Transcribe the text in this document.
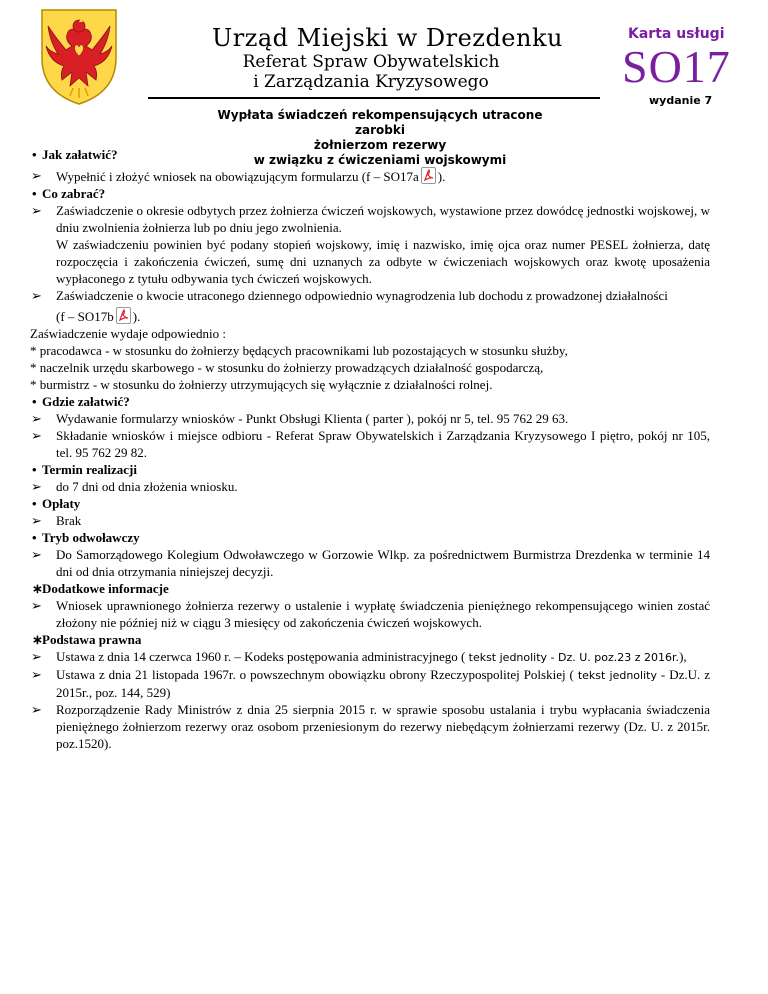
Urząd Miejski w Drezdenku
Referat Spraw Obywatelskich
i Zarządzania Kryzysowego
Karta usługi
SO17
wydanie 7
Wypłata świadczeń rekompensujących utracone zarobki
żołnierzom rezerwy
w związku z ćwiczeniami wojskowymi
• Jak załatwić?
➢ Wypełnić i złożyć wniosek na obowiązującym formularzu (f – SO17a ).
• Co zabrać?
➢ Zaświadczenie o okresie odbytych przez żołnierza ćwiczeń wojskowych, wystawione przez dowódcę jednostki wojskowej, w dniu zwolnienia żołnierza lub po dniu jego zwolnienia.
W zaświadczeniu powinien być podany stopień wojskowy, imię i nazwisko, imię ojca oraz numer PESEL żołnierza, datę rozpoczęcia i zakończenia ćwiczeń, sumę dni uznanych za odbyte w ćwiczeniach wojskowych oraz kwotę uposażenia wypłaconego z tytułu odbywania tych ćwiczeń wojskowych.
➢ Zaświadczenie o kwocie utraconego dziennego odpowiednio wynagrodzenia lub dochodu z prowadzonej działalności
(f – SO17b ).
Zaświadczenie wydaje odpowiednio :
* pracodawca - w stosunku do żołnierzy będących pracownikami lub pozostających w stosunku służby,
* naczelnik urzędu skarbowego - w stosunku do żołnierzy prowadzących działalność gospodarczą,
* burmistrz - w stosunku do żołnierzy utrzymujących się wyłącznie z działalności rolnej.
• Gdzie załatwić?
➢ Wydawanie formularzy wniosków - Punkt Obsługi Klienta ( parter ), pokój nr 5, tel. 95 762 29 63.
➢ Składanie wniosków i miejsce odbioru - Referat Spraw Obywatelskich i Zarządzania Kryzysowego I piętro, pokój nr 105, tel. 95 762 29 82.
• Termin realizacji
➢ do 7 dni od dnia złożenia wniosku.
• Opłaty
➢ Brak
• Tryb odwoławczy
➢ Do Samorządowego Kolegium Odwoławczego w Gorzowie Wlkp. za pośrednictwem Burmistrza Drezdenka w terminie 14 dni od dnia otrzymania niniejszej decyzji.
∗Dodatkowe informacje
➢ Wniosek uprawnionego żołnierza rezerwy o ustalenie i wypłatę świadczenia pieniężnego rekompensującego winien zostać złożony nie później niż w ciągu 3 miesięcy od zakończenia ćwiczeń wojskowych.
∗Podstawa prawna
➢ Ustawa z dnia 14 czerwca 1960 r. – Kodeks postępowania administracyjnego ( tekst jednolity - Dz. U. poz.23 z 2016r.),
➢ Ustawa z dnia 21 listopada 1967r. o powszechnym obowiązku obrony Rzeczypospolitej Polskiej ( tekst jednolity - Dz.U. z 2015r., poz. 144, 529)
➢ Rozporządzenie Rady Ministrów z dnia 25 sierpnia 2015 r. w sprawie sposobu ustalania i trybu wypłacania świadczenia pieniężnego żołnierzom rezerwy oraz osobom przeniesionym do rezerwy niebędącym żołnierzami rezerwy (Dz. U. z 2015r. poz.1520).
